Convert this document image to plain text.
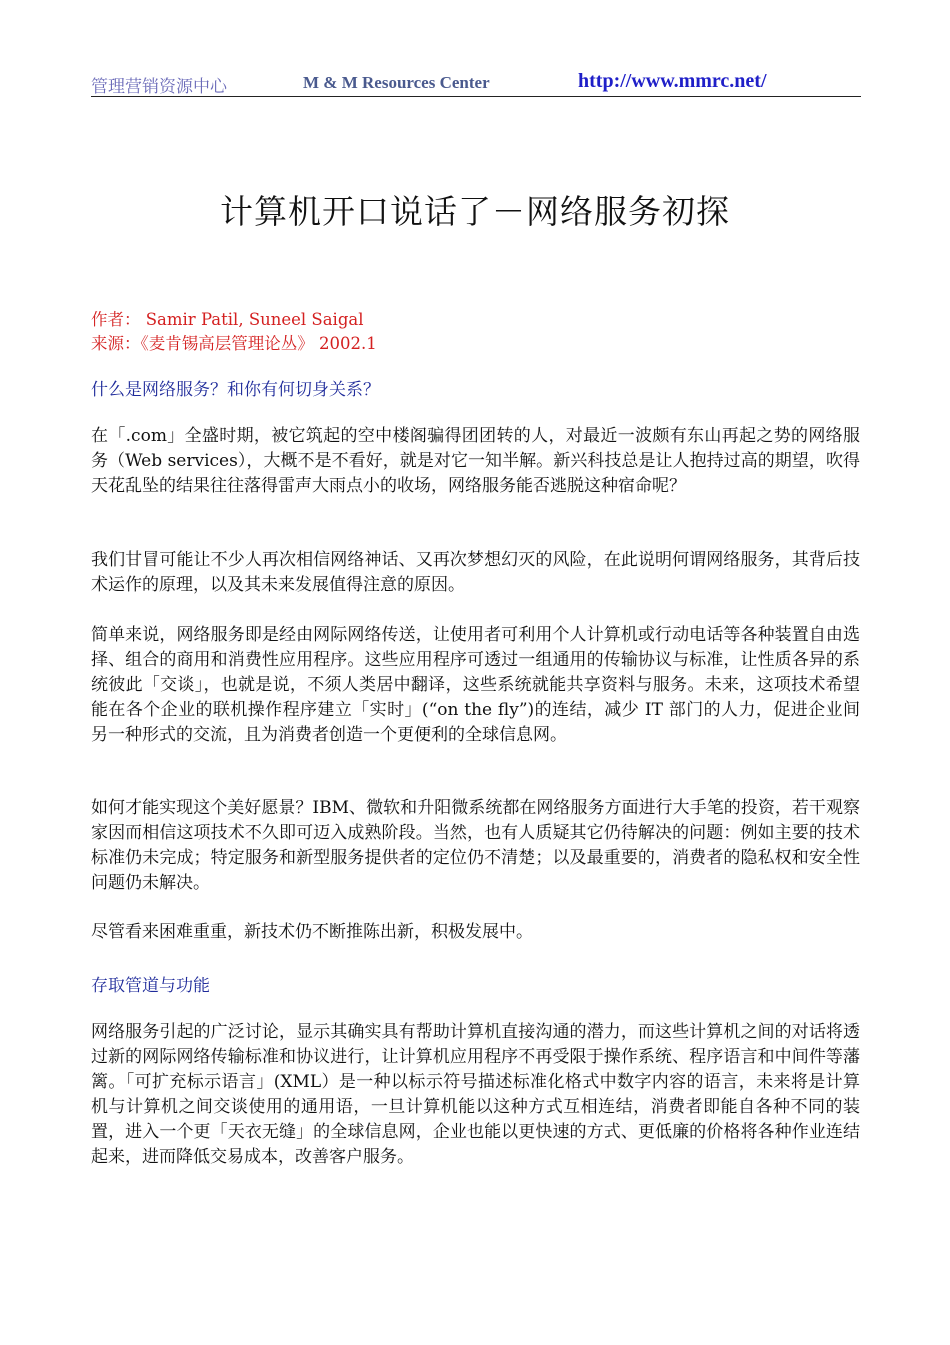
管理营销资源中心	M & M Resources Center	http://www.mmrc.net/
计算机开口说话了－网络服务初探
作者： Samir Patil, Suneel Saigal
来源：《麦肯锡高层管理论丛》 2002.1
什么是网络服务？和你有何切身关系？
在「.com」全盛时期，被它筑起的空中楼阁骗得团团转的人，对最近一波颇有东山再起之势的网络服务（Web services），大概不是不看好，就是对它一知半解。新兴科技总是让人抱持过高的期望，吹得天花乱坠的结果往往落得雷声大雨点小的收场，网络服务能否逃脱这种宿命呢？
我们甘冒可能让不少人再次相信网络神话、又再次梦想幻灭的风险，在此说明何谓网络服务，其背后技术运作的原理，以及其未来发展值得注意的原因。
简单来说，网络服务即是经由网际网络传送，让使用者可利用个人计算机或行动电话等各种装置自由选择、组合的商用和消费性应用程序。这些应用程序可透过一组通用的传输协议与标准，让性质各异的系统彼此「交谈」，也就是说，不须人类居中翻译，这些系统就能共享资料与服务。未来，这项技术希望能在各个企业的联机操作程序建立「实时」(“on the fly”)的连结，减少 IT 部门的人力，促进企业间另一种形式的交流，且为消费者创造一个更便利的全球信息网。
如何才能实现这个美好愿景？IBM、微软和升阳微系统都在网络服务方面进行大手笔的投资，若干观察家因而相信这项技术不久即可迈入成熟阶段。当然，也有人质疑其它仍待解决的问题：例如主要的技术标准仍未完成；特定服务和新型服务提供者的定位仍不清楚；以及最重要的，消费者的隐私权和安全性问题仍未解决。
尽管看来困难重重，新技术仍不断推陈出新，积极发展中。
存取管道与功能
网络服务引起的广泛讨论，显示其确实具有帮助计算机直接沟通的潜力，而这些计算机之间的对话将透过新的网际网络传输标准和协议进行，让计算机应用程序不再受限于操作系统、程序语言和中间件等藩篱。「可扩充标示语言」(XML）是一种以标示符号描述标准化格式中数字内容的语言，未来将是计算机与计算机之间交谈使用的通用语，一旦计算机能以这种方式互相连结，消费者即能自各种不同的装置，进入一个更「天衣无缝」的全球信息网，企业也能以更快速的方式、更低廉的价格将各种作业连结起来，进而降低交易成本，改善客户服务。
